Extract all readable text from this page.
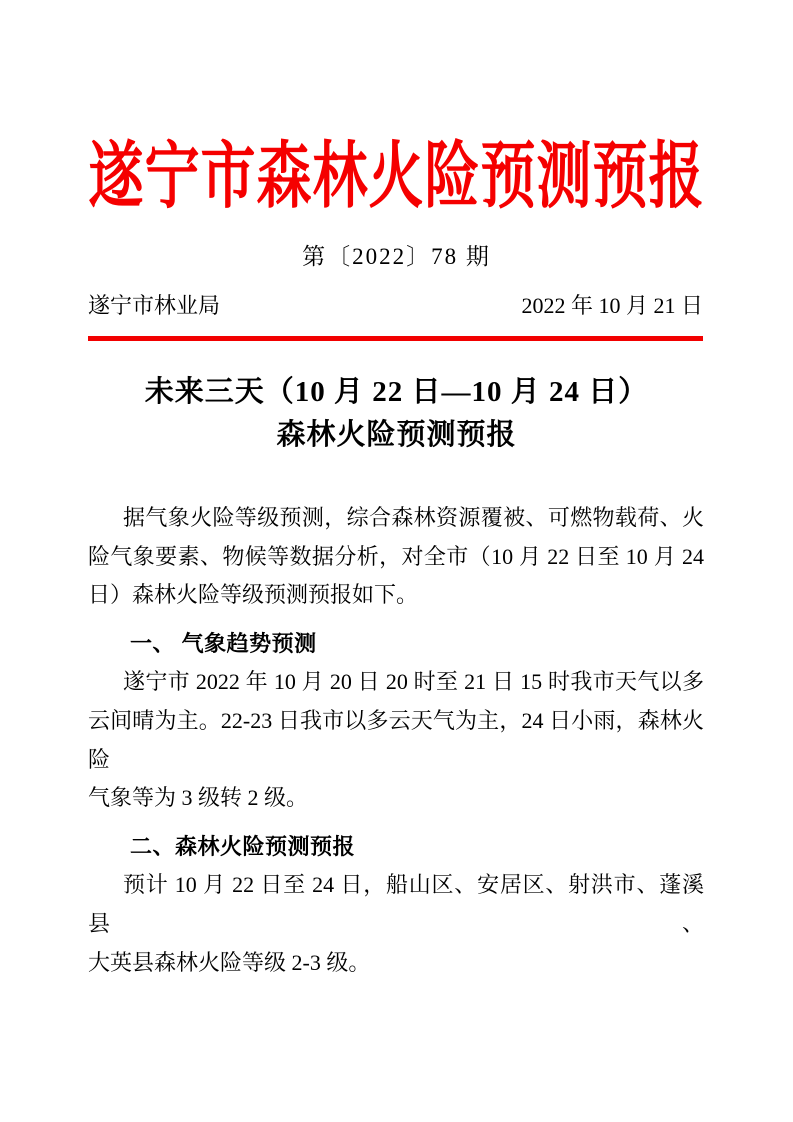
遂宁市森林火险预测预报
第〔2022〕78 期
遂宁市林业局	2022 年 10 月 21 日
未来三天（10 月 22 日—10 月 24 日）
森林火险预测预报
据气象火险等级预测，综合森林资源覆被、可燃物载荷、火
险气象要素、物候等数据分析，对全市（10 月 22 日至 10 月 24
日）森林火险等级预测预报如下。
一、 气象趋势预测
遂宁市 2022 年 10 月 20 日 20 时至 21 日 15 时我市天气以多
云间晴为主。22-23 日我市以多云天气为主，24 日小雨，森林火险
气象等为 3 级转 2 级。
二、森林火险预测预报
预计 10 月 22 日至 24 日，船山区、安居区、射洪市、蓬溪县、
大英县森林火险等级 2-3 级。
